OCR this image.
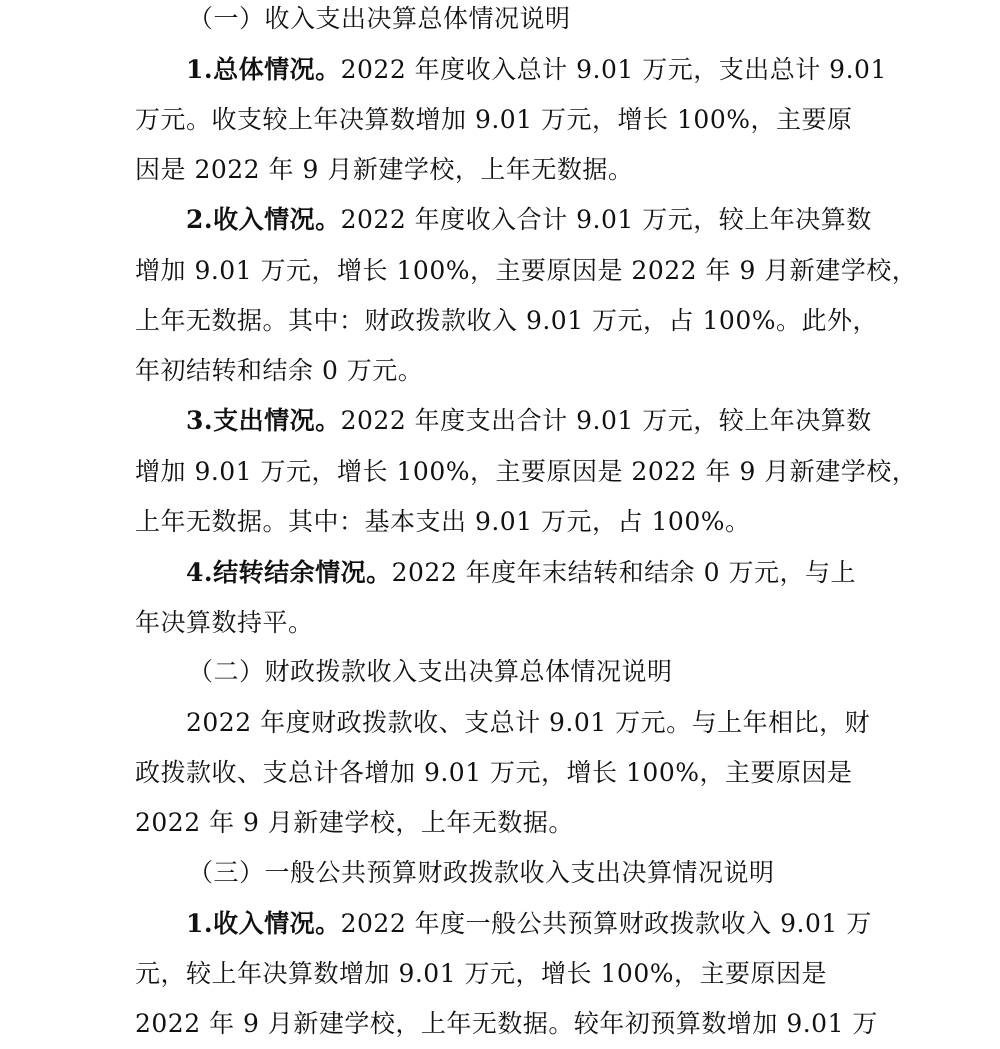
（一）收入支出决算总体情况说明
1.总体情况。2022 年度收入总计 9.01 万元，支出总计 9.01
万元。收支较上年决算数增加 9.01 万元，增长 100%，主要原
因是 2022 年 9 月新建学校，上年无数据。
2.收入情况。2022 年度收入合计 9.01 万元，较上年决算数
增加 9.01 万元，增长 100%，主要原因是 2022 年 9 月新建学校，
上年无数据。其中：财政拨款收入 9.01 万元，占 100%。此外，
年初结转和结余 0 万元。
3.支出情况。2022 年度支出合计 9.01 万元，较上年决算数
增加 9.01 万元，增长 100%，主要原因是 2022 年 9 月新建学校，
上年无数据。其中：基本支出 9.01 万元，占 100%。
4.结转结余情况。2022 年度年末结转和结余 0 万元，与上
年决算数持平。
（二）财政拨款收入支出决算总体情况说明
2022 年度财政拨款收、支总计 9.01 万元。与上年相比，财
政拨款收、支总计各增加 9.01 万元，增长 100%，主要原因是
2022 年 9 月新建学校，上年无数据。
（三）一般公共预算财政拨款收入支出决算情况说明
1.收入情况。2022 年度一般公共预算财政拨款收入 9.01 万
元，较上年决算数增加 9.01 万元，增长 100%，主要原因是
2022 年 9 月新建学校，上年无数据。较年初预算数增加 9.01 万
